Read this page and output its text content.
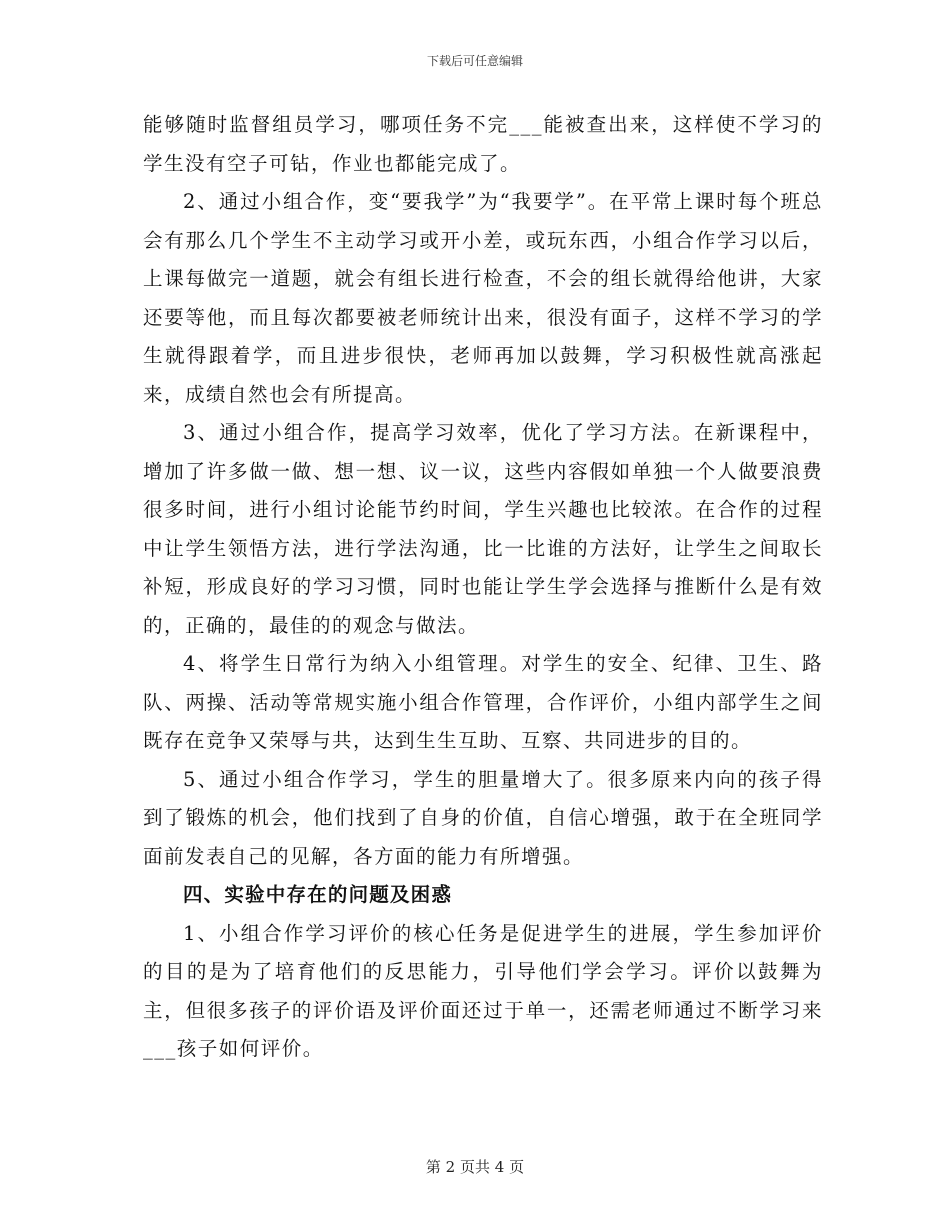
下载后可任意编辑

能够随时监督组员学习，哪项任务不完___能被查出来，这样使不学习的学生没有空子可钻，作业也都能完成了。

2、通过小组合作，变“要我学”为“我要学”。在平常上课时每个班总会有那么几个学生不主动学习或开小差，或玩东西，小组合作学习以后，上课每做完一道题，就会有组长进行检查，不会的组长就得给他讲，大家还要等他，而且每次都要被老师统计出来，很没有面子，这样不学习的学生就得跟着学，而且进步很快，老师再加以鼓舞，学习积极性就高涨起来，成绩自然也会有所提高。

3、通过小组合作，提高学习效率，优化了学习方法。在新课程中，增加了许多做一做、想一想、议一议，这些内容假如单独一个人做要浪费很多时间，进行小组讨论能节约时间，学生兴趣也比较浓。在合作的过程中让学生领悟方法，进行学法沟通，比一比谁的方法好，让学生之间取长补短，形成良好的学习习惯，同时也能让学生学会选择与推断什么是有效的，正确的，最佳的的观念与做法。

4、将学生日常行为纳入小组管理。对学生的安全、纪律、卫生、路队、两操、活动等常规实施小组合作管理，合作评价，小组内部学生之间既存在竞争又荣辱与共，达到生生互助、互察、共同进步的目的。

5、通过小组合作学习，学生的胆量增大了。很多原来内向的孩子得到了锻炼的机会，他们找到了自身的价值，自信心增强，敢于在全班同学面前发表自己的见解，各方面的能力有所增强。

四、实验中存在的问题及困惑

1、小组合作学习评价的核心任务是促进学生的进展，学生参加评价的目的是为了培育他们的反思能力，引导他们学会学习。评价以鼓舞为主，但很多孩子的评价语及评价面还过于单一，还需老师通过不断学习来___孩子如何评价。

第 2 页共 4 页
